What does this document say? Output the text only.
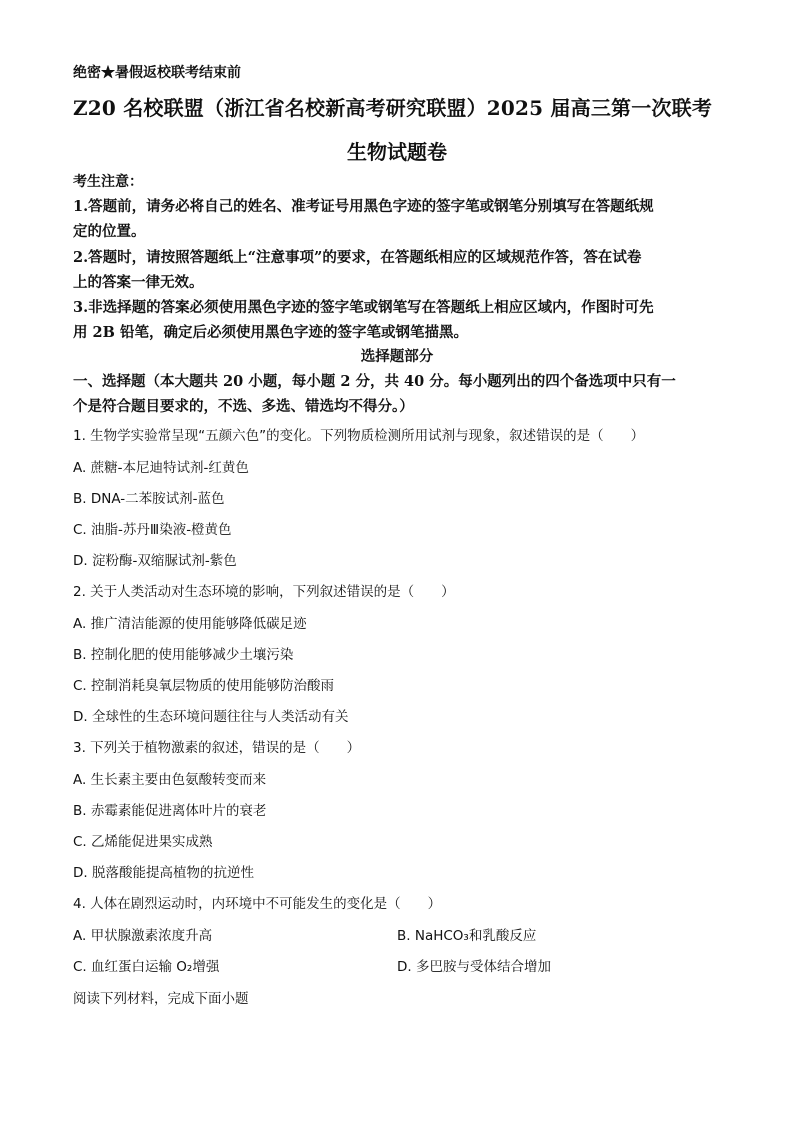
绝密★暑假返校联考结束前
Z20 名校联盟（浙江省名校新高考研究联盟）2025 届高三第一次联考
生物试题卷
考生注意：
1.答题前，请务必将自己的姓名、准考证号用黑色字迹的签字笔或钢笔分别填写在答题纸规
定的位置。
2.答题时，请按照答题纸上“注意事项”的要求，在答题纸相应的区域规范作答，答在试卷
上的答案一律无效。
3.非选择题的答案必须使用黑色字迹的签字笔或钢笔写在答题纸上相应区域内，作图时可先
用 2B 铅笔，确定后必须使用黑色字迹的签字笔或钢笔描黑。
选择题部分
一、选择题（本大题共 20 小题，每小题 2 分，共 40 分。每小题列出的四个备选项中只有一
个是符合题目要求的，不选、多选、错选均不得分。）
1. 生物学实验常呈现“五颜六色”的变化。下列物质检测所用试剂与现象，叙述错误的是（　　）
A. 蔗糖-本尼迪特试剂-红黄色
B. DNA-二苯胺试剂-蓝色
C. 油脂-苏丹Ⅲ染液-橙黄色
D. 淀粉酶-双缩脲试剂-紫色
2. 关于人类活动对生态环境的影响，下列叙述错误的是（　　）
A. 推广清洁能源的使用能够降低碳足迹
B. 控制化肥的使用能够减少土壤污染
C. 控制消耗臭氧层物质的使用能够防治酸雨
D. 全球性的生态环境问题往往与人类活动有关
3. 下列关于植物激素的叙述，错误的是（　　）
A. 生长素主要由色氨酸转变而来
B. 赤霉素能促进离体叶片的衰老
C. 乙烯能促进果实成熟
D. 脱落酸能提高植物的抗逆性
4. 人体在剧烈运动时，内环境中不可能发生的变化是（　　）
A. 甲状腺激素浓度升高	B. NaHCO₃和乳酸反应
C. 血红蛋白运输 O₂增强	D. 多巴胺与受体结合增加
阅读下列材料，完成下面小题
